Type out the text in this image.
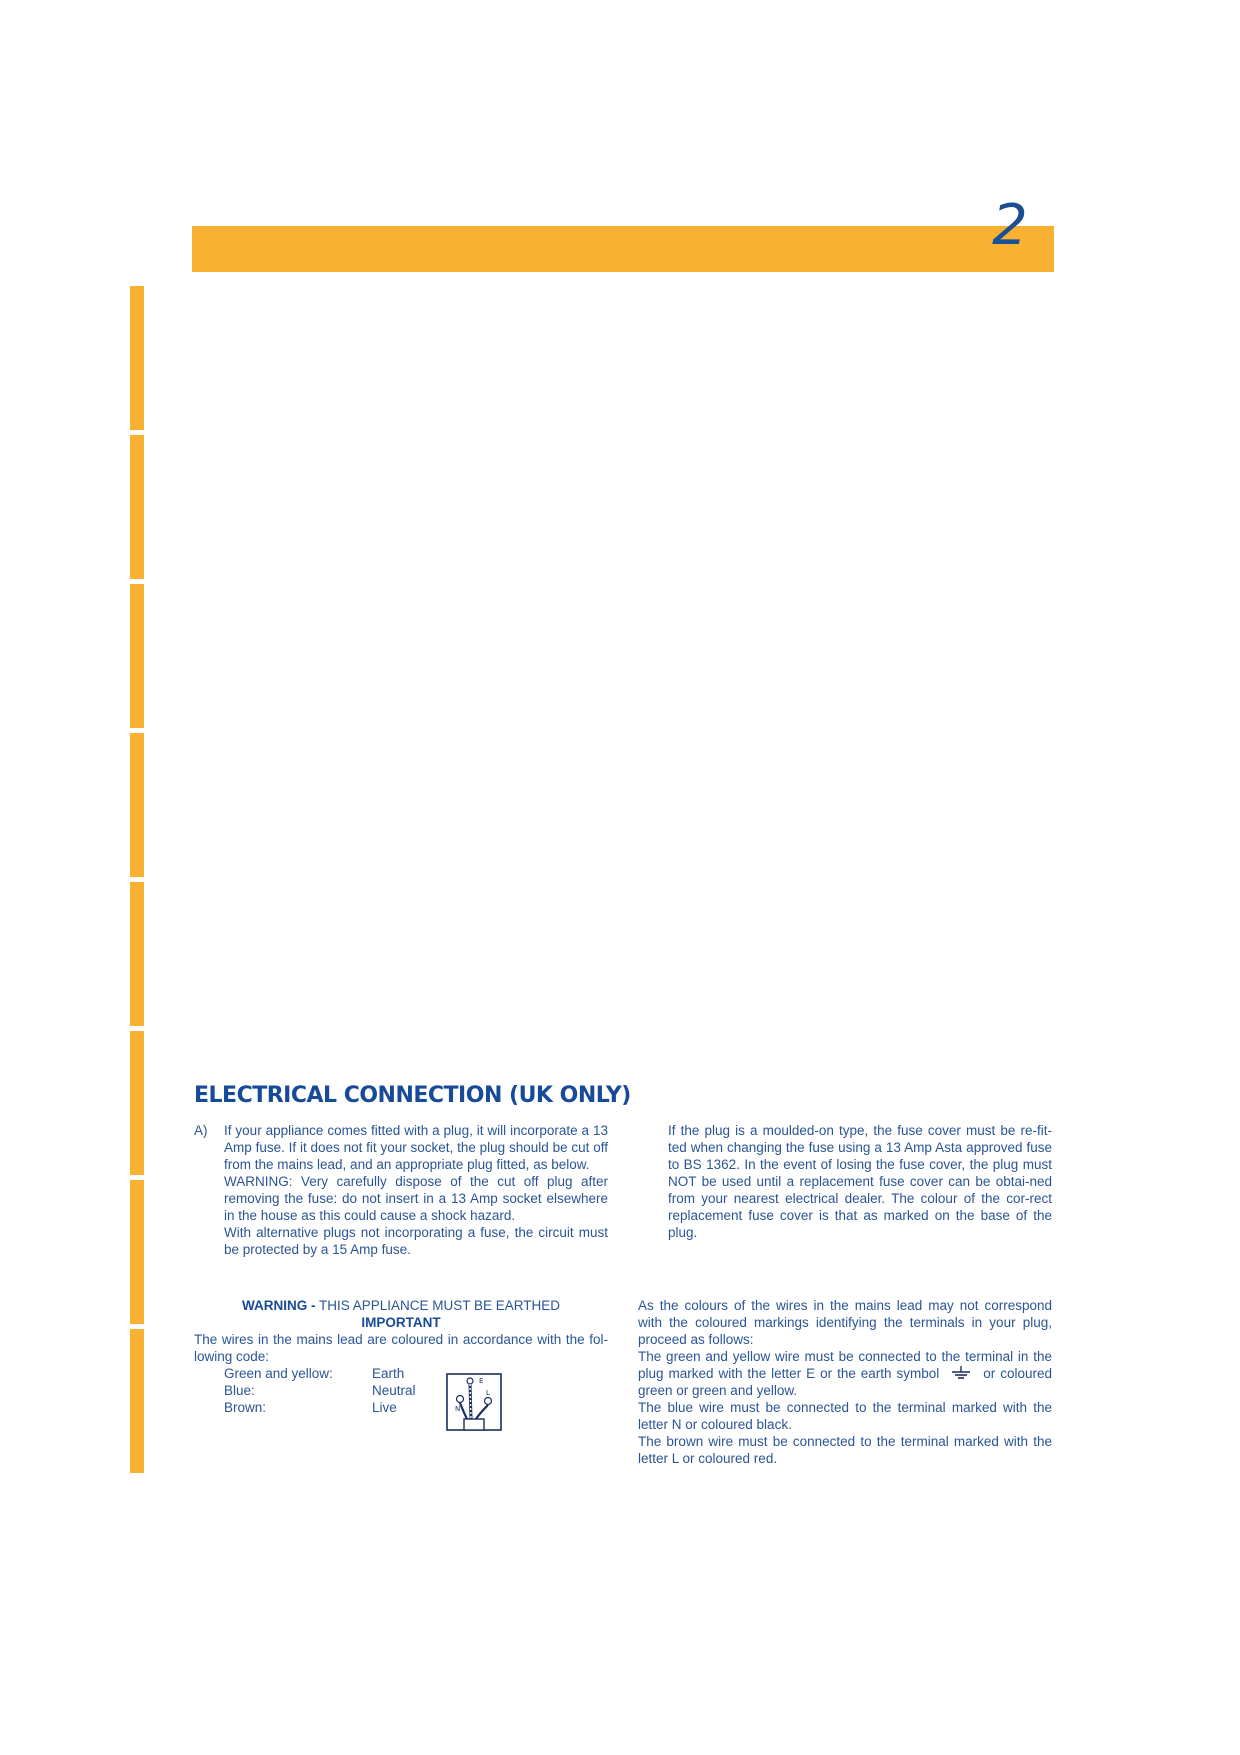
2
ELECTRICAL CONNECTION (UK ONLY)
A) If your appliance comes fitted with a plug, it will incorporate a 13 Amp fuse. If it does not fit your socket, the plug should be cut off from the mains lead, and an appropriate plug fitted, as below.

WARNING: Very carefully dispose of the cut off plug after removing the fuse: do not insert in a 13 Amp socket elsewhere in the house as this could cause a shock hazard.

With alternative plugs not incorporating a fuse, the circuit must be protected by a 15 Amp fuse.

If the plug is a moulded-on type, the fuse cover must be re-fit-ted when changing the fuse using a 13 Amp Asta approved fuse to BS 1362. In the event of losing the fuse cover, the plug must NOT be used until a replacement fuse cover can be obtai-ned from your nearest electrical dealer. The colour of the cor-rect replacement fuse cover is that as marked on the base of the plug.

WARNING - THIS APPLIANCE MUST BE EARTHED

IMPORTANT

The wires in the mains lead are coloured in accordance with the fol-lowing code:

Green and yellow:	Earth
Blue:	Neutral
Brown:	Live
E
N
L

As the colours of the wires in the mains lead may not correspond with the coloured markings identifying the terminals in your plug, proceed as follows:

The green and yellow wire must be connected to the terminal in the plug marked with the letter E or the earth symbol	or coloured green or green and yellow.

The blue wire must be connected to the terminal marked with the letter N or coloured black.

The brown wire must be connected to the terminal marked with the letter L or coloured red.
